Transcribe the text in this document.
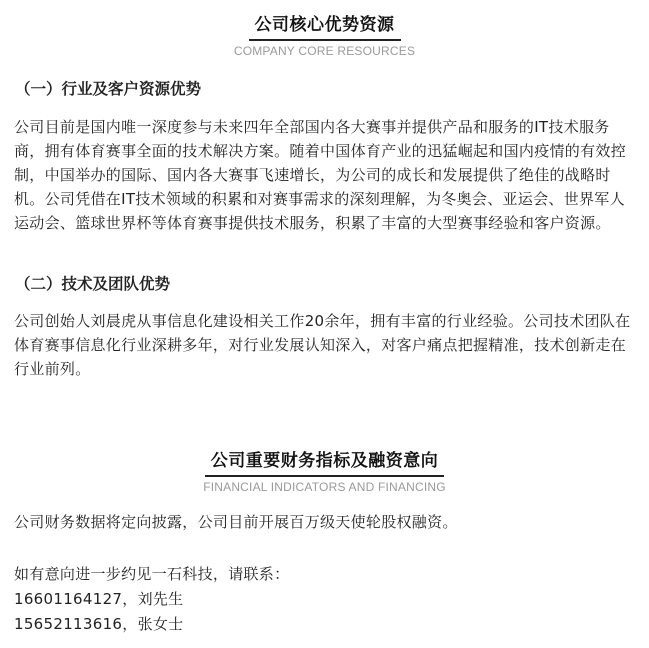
公司核心优势资源
COMPANY CORE RESOURCES
（一）行业及客户资源优势
公司目前是国内唯一深度参与未来四年全部国内各大赛事并提供产品和服务的IT技术服务商，拥有体育赛事全面的技术解决方案。随着中国体育产业的迅猛崛起和国内疫情的有效控制，中国举办的国际、国内各大赛事飞速增长，为公司的成长和发展提供了绝佳的战略时机。公司凭借在IT技术领域的积累和对赛事需求的深刻理解，为冬奥会、亚运会、世界军人运动会、篮球世界杯等体育赛事提供技术服务，积累了丰富的大型赛事经验和客户资源。
（二）技术及团队优势
公司创始人刘晨虎从事信息化建设相关工作20余年，拥有丰富的行业经验。公司技术团队在体育赛事信息化行业深耕多年，对行业发展认知深入，对客户痛点把握精准，技术创新走在行业前列。
公司重要财务指标及融资意向
FINANCIAL INDICATORS AND FINANCING
公司财务数据将定向披露，公司目前开展百万级天使轮股权融资。
如有意向进一步约见一石科技，请联系：
16601164127，刘先生
15652113616，张女士
